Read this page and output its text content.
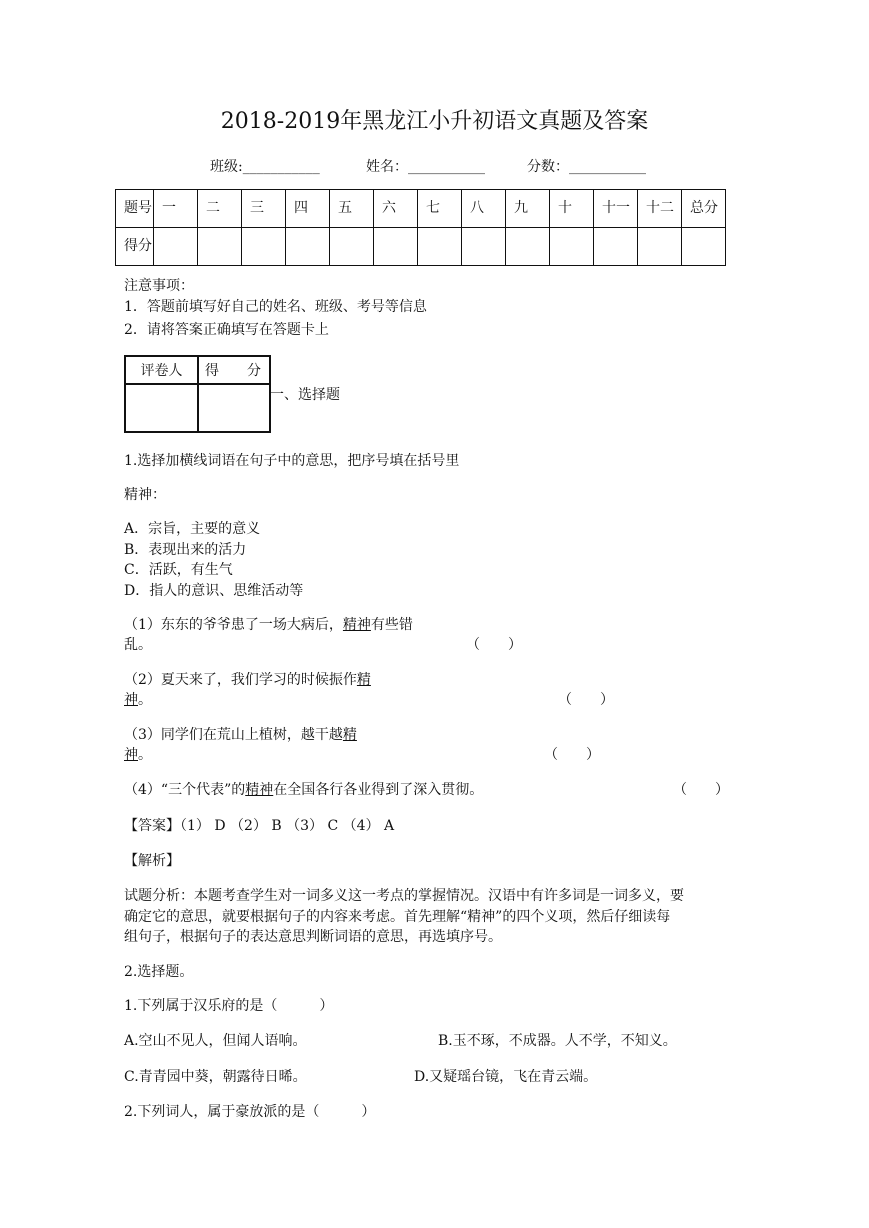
2018-2019年黑龙江小升初语文真题及答案
班级:___________	姓名：___________	分数：___________
题号	一	二	三	四	五	六	七	八	九	十	十一	十二	总分
得分													
注意事项：
1．答题前填写好自己的姓名、班级、考号等信息
2．请将答案正确填写在答题卡上
评卷人	得　　分

一、选择题
1.选择加横线词语在句子中的意思，把序号填在括号里
精神：
A．宗旨，主要的意义
B．表现出来的活力
C．活跃，有生气
D．指人的意识、思维活动等
（1）东东的爷爷患了一场大病后，精神有些错
乱。	（　　）
（2）夏天来了，我们学习的时候振作精
神。	（　　）
（3）同学们在荒山上植树，越干越精
神。	（　　）
（4）“三个代表”的精神在全国各行各业得到了深入贯彻。	（　　）
【答案】（1） D （2） B （3） C （4） A
【解析】
试题分析：本题考查学生对一词多义这一考点的掌握情况。汉语中有许多词是一词多义，要
确定它的意思，就要根据句子的内容来考虑。首先理解“精神”的四个义项，然后仔细读每
组句子，根据句子的表达意思判断词语的意思，再选填序号。
2.选择题。
1.下列属于汉乐府的是（　　　）
A.空山不见人，但闻人语响。	B.玉不琢，不成器。人不学，不知义。
C.青青园中葵，朝露待日晞。	D.又疑瑶台镜，飞在青云端。
2.下列词人，属于豪放派的是（　　　）
